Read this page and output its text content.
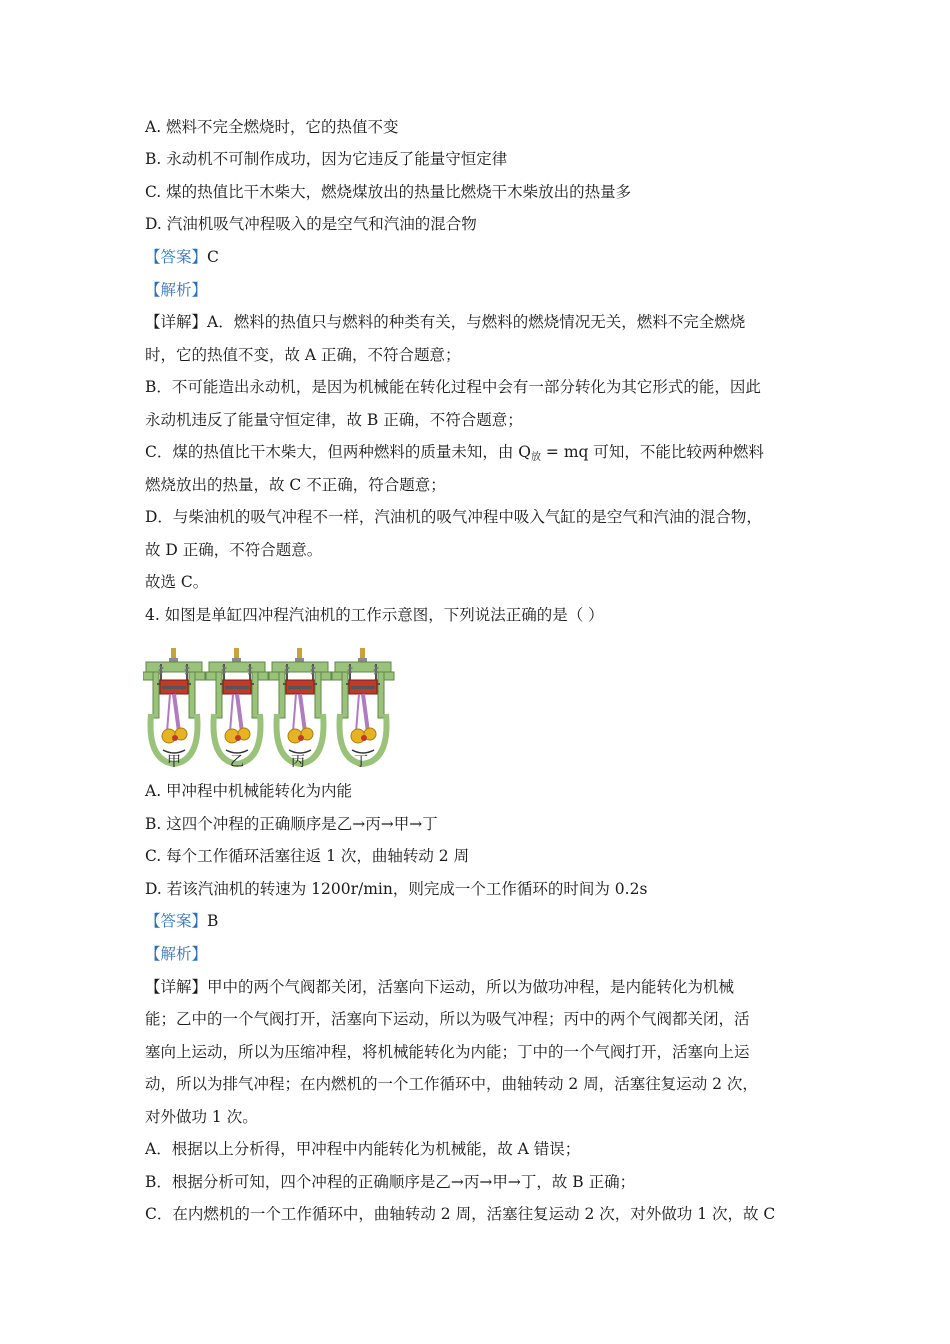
A. 燃料不完全燃烧时，它的热值不变
B. 永动机不可制作成功，因为它违反了能量守恒定律
C. 煤的热值比干木柴大，燃烧煤放出的热量比燃烧干木柴放出的热量多
D. 汽油机吸气冲程吸入的是空气和汽油的混合物
【答案】C
【解析】
【详解】A．燃料的热值只与燃料的种类有关，与燃料的燃烧情况无关，燃料不完全燃烧
时，它的热值不变，故 A 正确，不符合题意；
B．不可能造出永动机，是因为机械能在转化过程中会有一部分转化为其它形式的能，因此
永动机违反了能量守恒定律，故 B 正确，不符合题意；
C．煤的热值比干木柴大，但两种燃料的质量未知，由 $Q_放$ = mq 可知，不能比较两种燃料
燃烧放出的热量，故 C 不正确，符合题意；
D．与柴油机的吸气冲程不一样，汽油机的吸气冲程中吸入气缸的是空气和汽油的混合物，
故 D 正确，不符合题意。
故选 C。
4. 如图是单缸四冲程汽油机的工作示意图，下列说法正确的是（ ）
甲	乙	丙	丁
A. 甲冲程中机械能转化为内能
B. 这四个冲程的正确顺序是乙→丙→甲→丁
C. 每个工作循环活塞往返 1 次，曲轴转动 2 周
D. 若该汽油机的转速为 1200r/min，则完成一个工作循环的时间为 0.2s
【答案】B
【解析】
【详解】甲中的两个气阀都关闭，活塞向下运动，所以为做功冲程，是内能转化为机械
能；乙中的一个气阀打开，活塞向下运动，所以为吸气冲程；丙中的两个气阀都关闭，活
塞向上运动，所以为压缩冲程，将机械能转化为内能；丁中的一个气阀打开，活塞向上运
动，所以为排气冲程；在内燃机的一个工作循环中，曲轴转动 2 周，活塞往复运动 2 次，
对外做功 1 次。
A．根据以上分析得，甲冲程中内能转化为机械能，故 A 错误；
B．根据分析可知，四个冲程的正确顺序是乙→丙→甲→丁，故 B 正确；
C．在内燃机的一个工作循环中，曲轴转动 2 周，活塞往复运动 2 次，对外做功 1 次，故 C
